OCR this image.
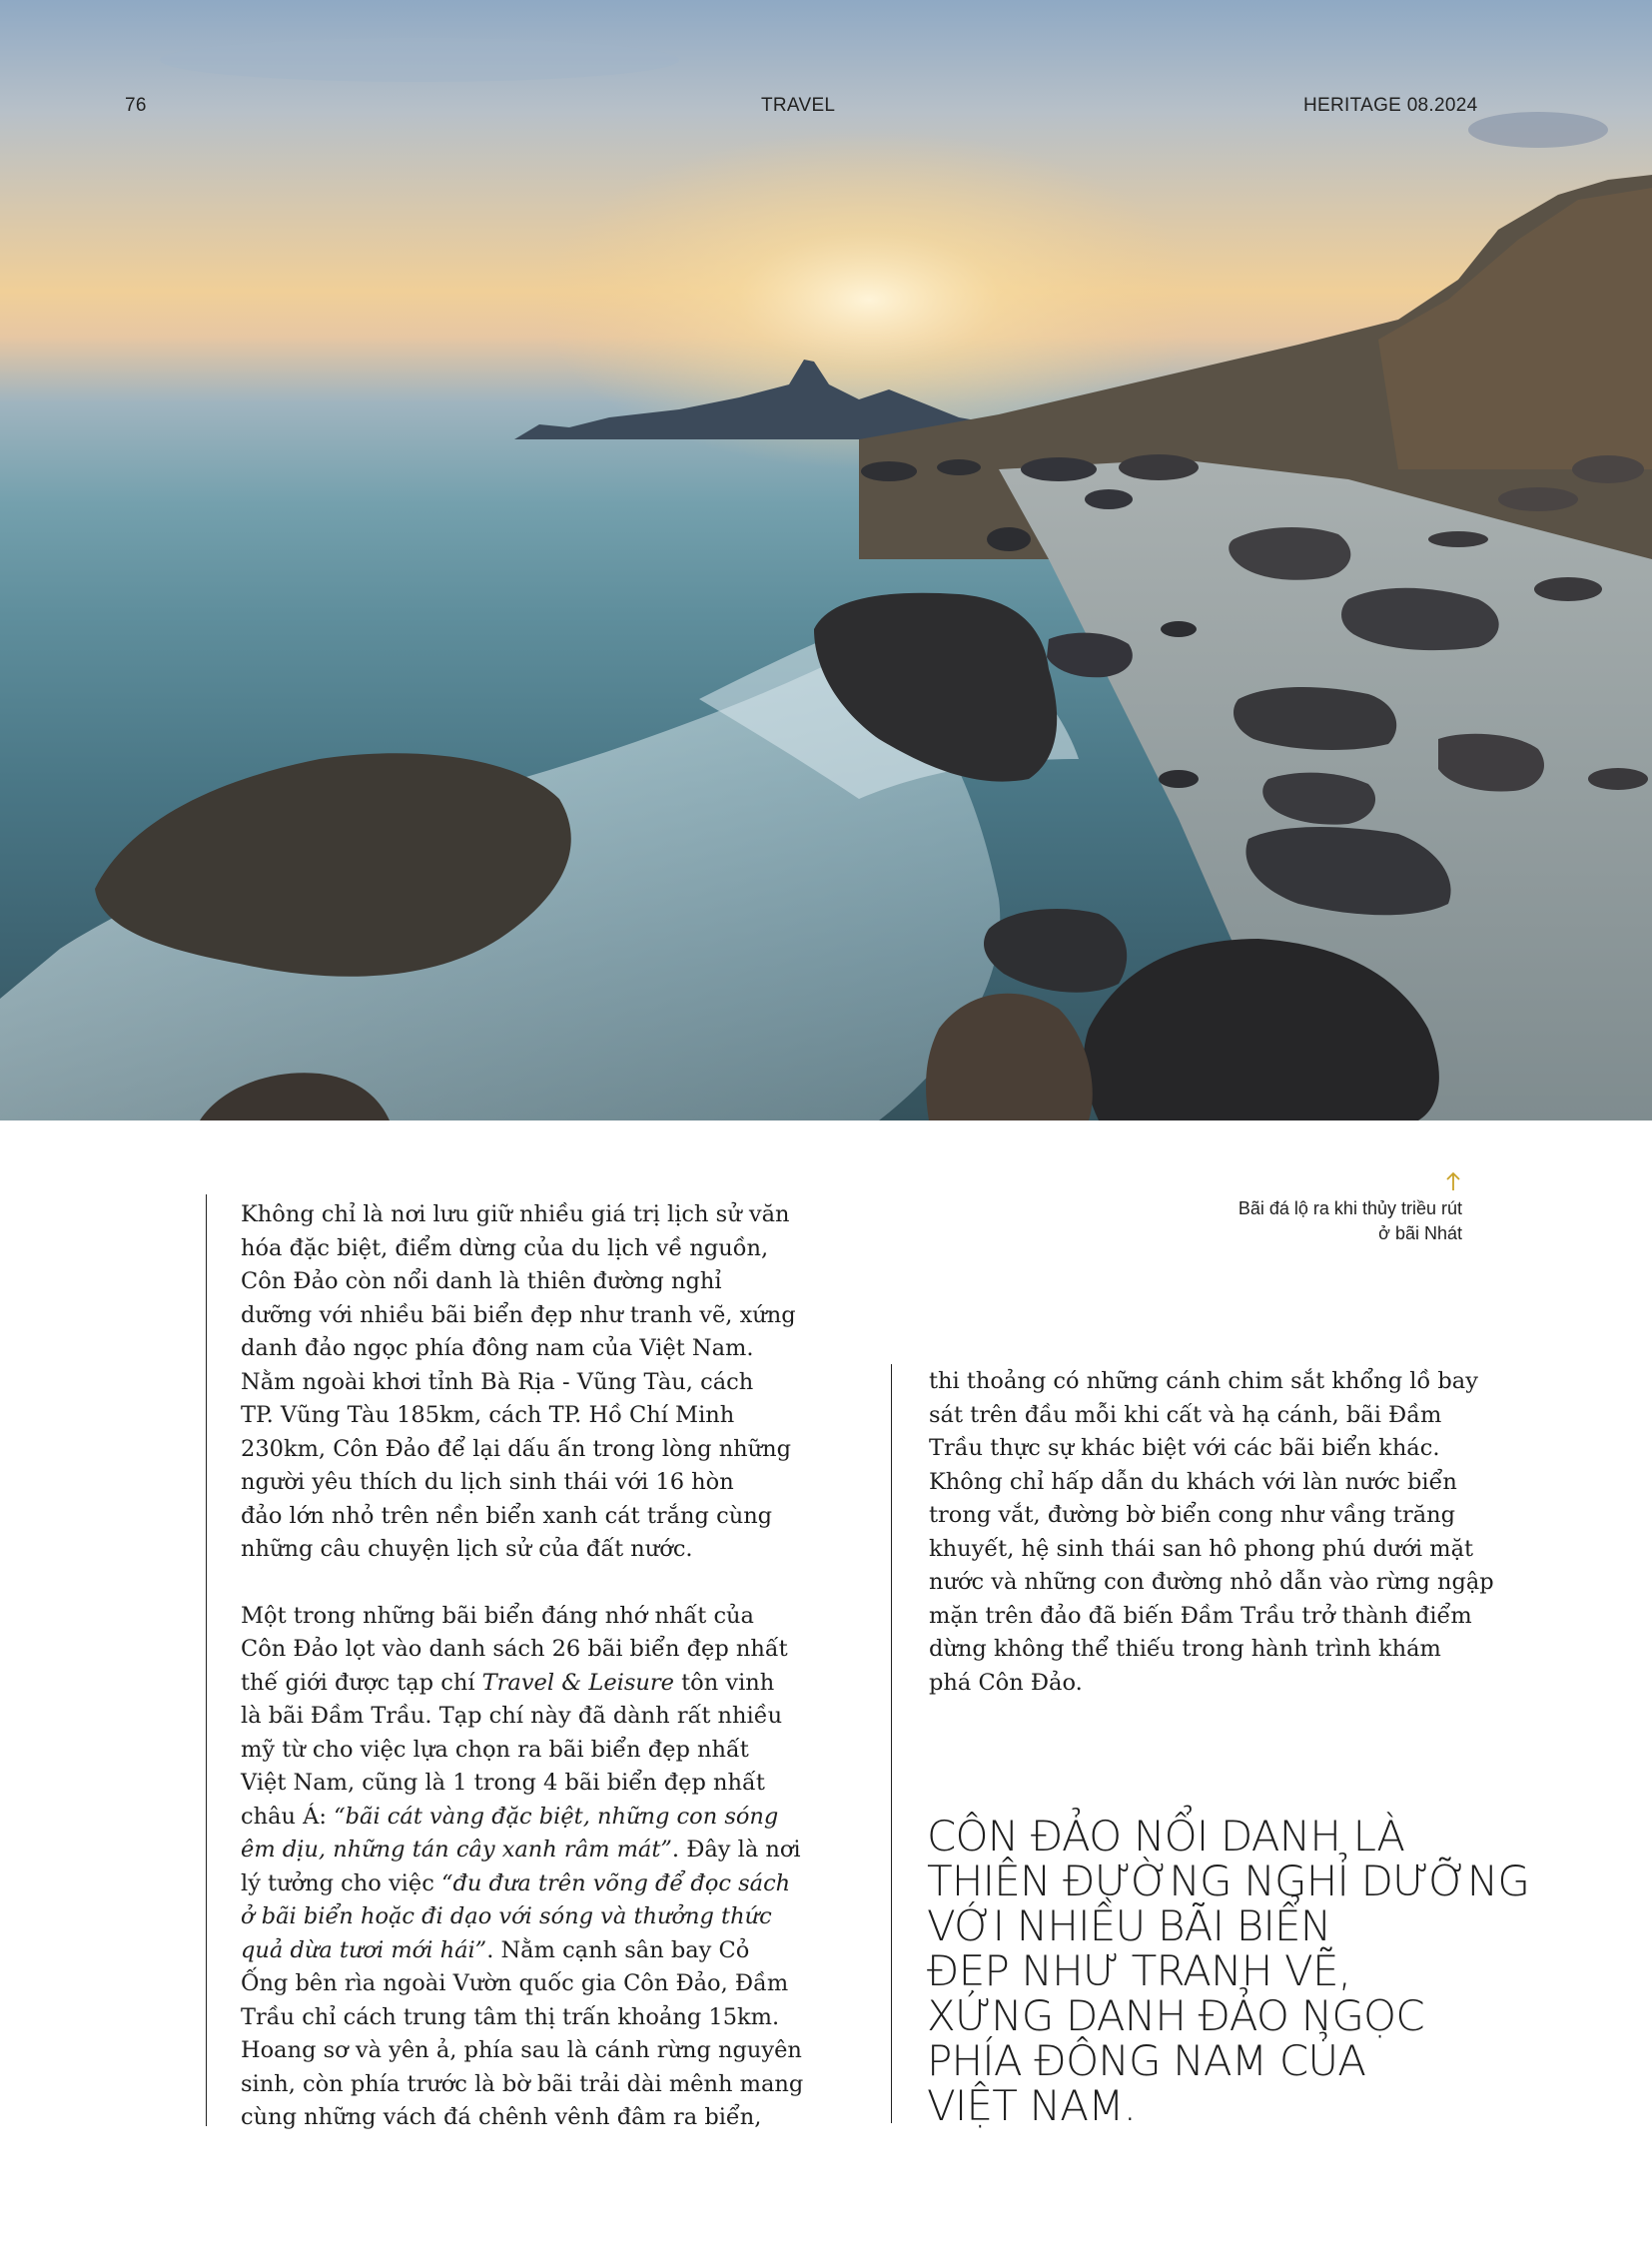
76	TRAVEL	HERITAGE 08.2024
Bãi đá lộ ra khi thủy triều rút
ở bãi Nhát
Không chỉ là nơi lưu giữ nhiều giá trị lịch sử văn
hóa đặc biệt, điểm dừng của du lịch về nguồn,
Côn Đảo còn nổi danh là thiên đường nghỉ
dưỡng với nhiều bãi biển đẹp như tranh vẽ, xứng
danh đảo ngọc phía đông nam của Việt Nam.
Nằm ngoài khơi tỉnh Bà Rịa - Vũng Tàu, cách
TP. Vũng Tàu 185km, cách TP. Hồ Chí Minh
230km, Côn Đảo để lại dấu ấn trong lòng những
người yêu thích du lịch sinh thái với 16 hòn
đảo lớn nhỏ trên nền biển xanh cát trắng cùng
những câu chuyện lịch sử của đất nước.
Một trong những bãi biển đáng nhớ nhất của
Côn Đảo lọt vào danh sách 26 bãi biển đẹp nhất
thế giới được tạp chí Travel & Leisure tôn vinh
là bãi Đầm Trầu. Tạp chí này đã dành rất nhiều
mỹ từ cho việc lựa chọn ra bãi biển đẹp nhất
Việt Nam, cũng là 1 trong 4 bãi biển đẹp nhất
châu Á: “bãi cát vàng đặc biệt, những con sóng
êm dịu, những tán cây xanh râm mát”. Đây là nơi
lý tưởng cho việc “đu đưa trên võng để đọc sách
ở bãi biển hoặc đi dạo với sóng và thưởng thức
quả dừa tươi mới hái”. Nằm cạnh sân bay Cỏ
Ống bên rìa ngoài Vườn quốc gia Côn Đảo, Đầm
Trầu chỉ cách trung tâm thị trấn khoảng 15km.
Hoang sơ và yên ả, phía sau là cánh rừng nguyên
sinh, còn phía trước là bờ bãi trải dài mênh mang
cùng những vách đá chênh vênh đâm ra biển,
thi thoảng có những cánh chim sắt khổng lồ bay
sát trên đầu mỗi khi cất và hạ cánh, bãi Đầm
Trầu thực sự khác biệt với các bãi biển khác.
Không chỉ hấp dẫn du khách với làn nước biển
trong vắt, đường bờ biển cong như vầng trăng
khuyết, hệ sinh thái san hô phong phú dưới mặt
nước và những con đường nhỏ dẫn vào rừng ngập
mặn trên đảo đã biến Đầm Trầu trở thành điểm
dừng không thể thiếu trong hành trình khám
phá Côn Đảo.
CÔN ĐẢO NỔI DANH LÀ
THIÊN ĐƯỜNG NGHỈ DƯỠNG
VỚI NHIỀU BÃI BIỂN
ĐẸP NHƯ TRANH VẼ,
XỨNG DANH ĐẢO NGỌC
PHÍA ĐÔNG NAM CỦA
VIỆT NAM.
